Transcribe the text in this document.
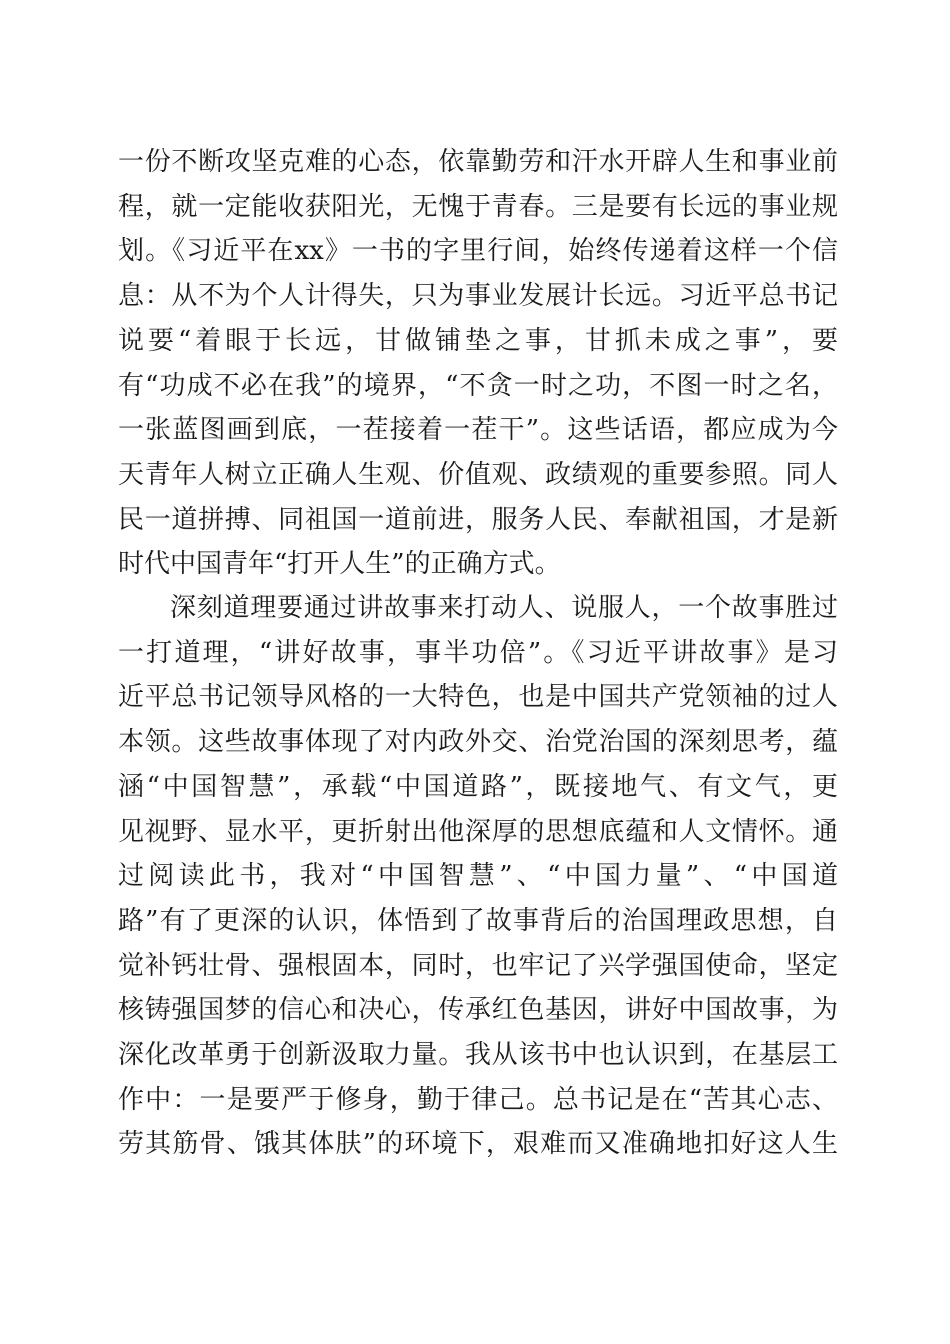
一份不断攻坚克难的心态，依靠勤劳和汗水开辟人生和事业前
程，就一定能收获阳光，无愧于青春。三是要有长远的事业规
划。《习近平在xx》一书的字里行间，始终传递着这样一个信
息：从不为个人计得失，只为事业发展计长远。习近平总书记
说要“着眼于长远，甘做铺垫之事，甘抓未成之事”，要
有“功成不必在我”的境界，“不贪一时之功，不图一时之名，
一张蓝图画到底，一茬接着一茬干”。这些话语，都应成为今
天青年人树立正确人生观、价值观、政绩观的重要参照。同人
民一道拼搏、同祖国一道前进，服务人民、奉献祖国，才是新
时代中国青年“打开人生”的正确方式。
深刻道理要通过讲故事来打动人、说服人，一个故事胜过
一打道理，“讲好故事，事半功倍”。《习近平讲故事》是习
近平总书记领导风格的一大特色，也是中国共产党领袖的过人
本领。这些故事体现了对内政外交、治党治国的深刻思考，蕴
涵“中国智慧”，承载“中国道路”，既接地气、有文气，更
见视野、显水平，更折射出他深厚的思想底蕴和人文情怀。通
过阅读此书，我对“中国智慧”、“中国力量”、“中国道
路”有了更深的认识，体悟到了故事背后的治国理政思想，自
觉补钙壮骨、强根固本，同时，也牢记了兴学强国使命，坚定
核铸强国梦的信心和决心，传承红色基因，讲好中国故事，为
深化改革勇于创新汲取力量。我从该书中也认识到，在基层工
作中：一是要严于修身，勤于律己。总书记是在“苦其心志、
劳其筋骨、饿其体肤”的环境下，艰难而又准确地扣好这人生
